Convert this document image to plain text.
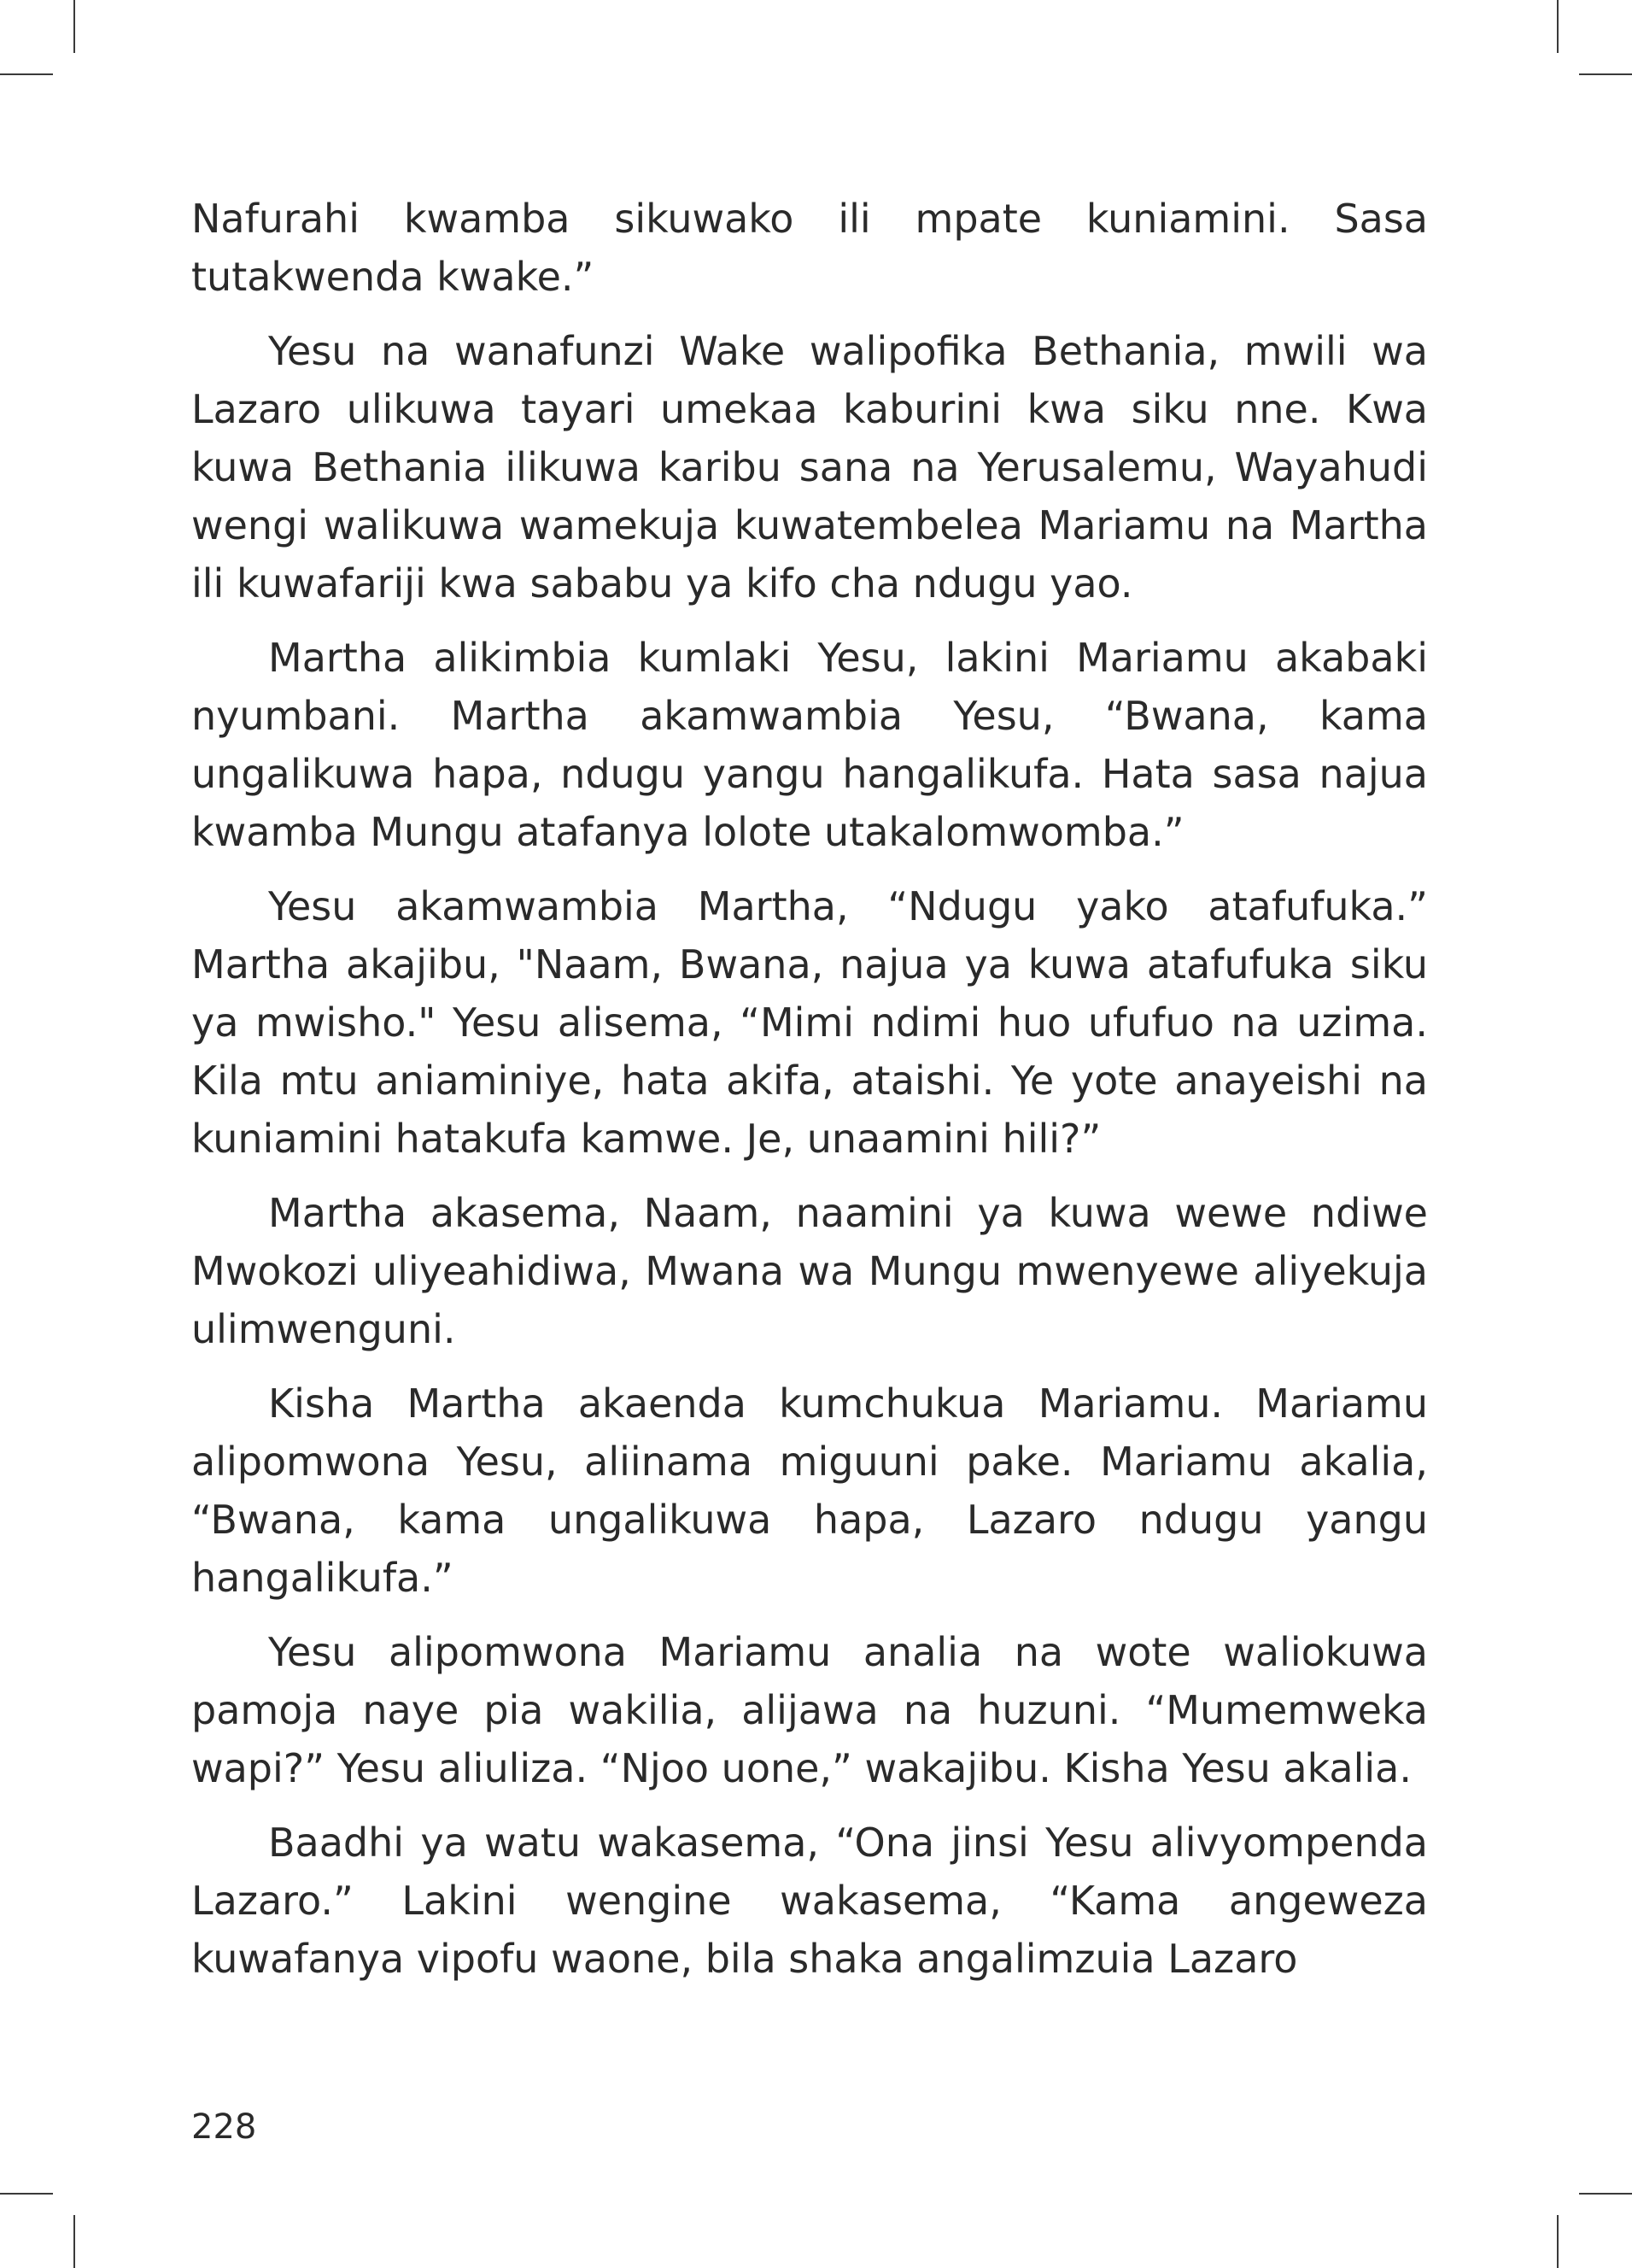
Nafurahi kwamba sikuwako ili mpate kuniamini. Sasa tutakwenda kwake.”

Yesu na wanafunzi Wake walipofika Bethania, mwili wa Lazaro ulikuwa tayari umekaa kaburini kwa siku nne. Kwa kuwa Bethania ilikuwa karibu sana na Yerusalemu, Wayahudi wengi walikuwa wamekuja kuwatembelea Mariamu na Martha ili kuwafariji kwa sababu ya kifo cha ndugu yao.

Martha alikimbia kumlaki Yesu, lakini Mariamu akabaki nyumbani. Martha akamwambia Yesu, “Bwana, kama ungalikuwa hapa, ndugu yangu hangalikufa. Hata sasa najua kwamba Mungu atafanya lolote utakalomwomba.”

Yesu akamwambia Martha, “Ndugu yako atafufuka.” Martha akajibu, "Naam, Bwana, najua ya kuwa atafufuka siku ya mwisho." Yesu alisema, “Mimi ndimi huo ufufuo na uzima. Kila mtu aniaminiye, hata akifa, ataishi. Ye yote anayeishi na kuniamini hatakufa kamwe. Je, unaamini hili?”

Martha akasema, Naam, naamini ya kuwa wewe ndiwe Mwokozi uliyeahidiwa, Mwana wa Mungu mwenyewe aliyekuja ulimwenguni.

Kisha Martha akaenda kumchukua Mariamu. Mariamu alipomwona Yesu, aliinama miguuni pake. Mariamu akalia, “Bwana, kama ungalikuwa hapa, Lazaro ndugu yangu hangalikufa.”

Yesu alipomwona Mariamu analia na wote waliokuwa pamoja naye pia wakilia, alijawa na huzuni. “Mumemweka wapi?” Yesu aliuliza. “Njoo uone,” wakajibu. Kisha Yesu akalia.

Baadhi ya watu wakasema, “Ona jinsi Yesu alivyompenda Lazaro.” Lakini wengine wakasema, “Kama angeweza kuwafanya vipofu waone, bila shaka angalimzuia Lazaro

228
